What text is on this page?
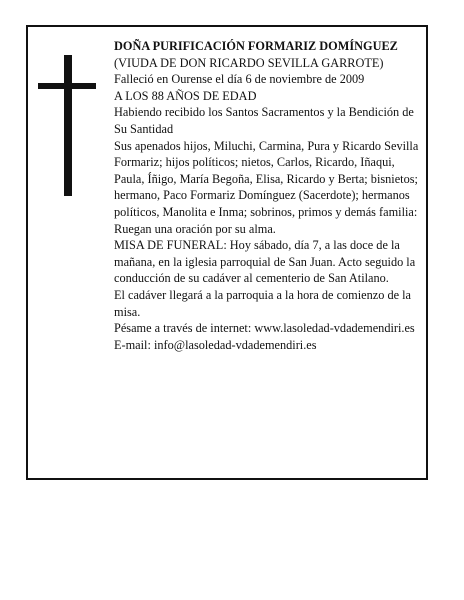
DOÑA PURIFICACIÓN FORMARIZ DOMÍNGUEZ

(VIUDA DE DON RICARDO SEVILLA GARROTE)

Falleció en Ourense el día 6 de noviembre de 2009

A LOS 88 AÑOS DE EDAD

Habiendo recibido los Santos Sacramentos y la Bendición de Su Santidad

Sus apenados hijos, Miluchi, Carmina, Pura y Ricardo Sevilla Formariz; hijos políticos; nietos, Carlos, Ricardo, Iñaqui, Paula, Íñigo, María Begoña, Elisa, Ricardo y Berta; bisnietos; hermano, Paco Formariz Domínguez (Sacerdote); hermanos políticos, Manolita e Inma; sobrinos, primos y demás familia:

Ruegan una oración por su alma.

MISA DE FUNERAL: Hoy sábado, día 7, a las doce de la mañana, en la iglesia parroquial de San Juan. Acto seguido la conducción de su cadáver al cementerio de San Atilano.

El cadáver llegará a la parroquia a la hora de comienzo de la misa.

Pésame a través de internet: www.lasoledad-vdademendiri.es

E-mail: info@lasoledad-vdademendiri.es
